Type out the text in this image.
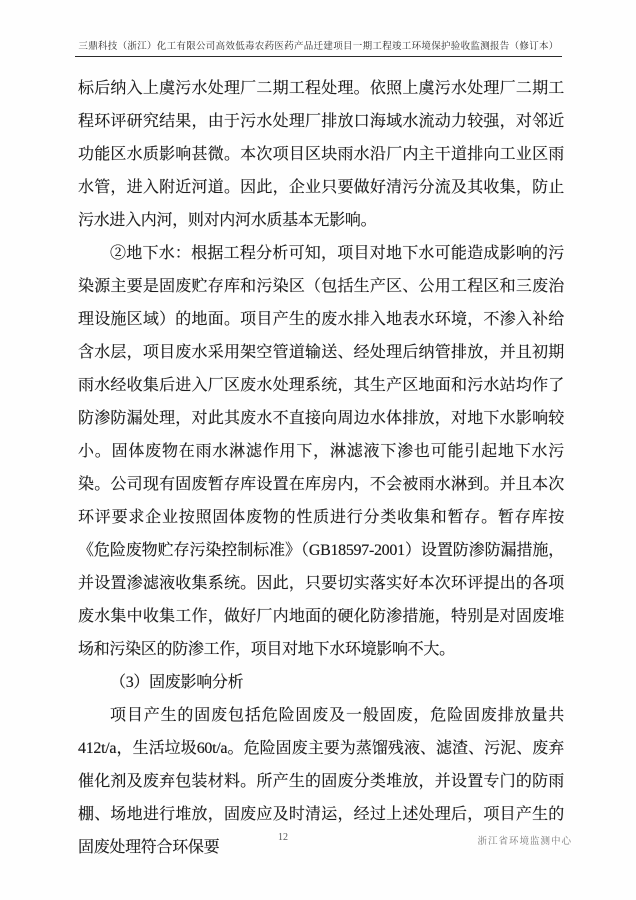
三鼎科技（浙江）化工有限公司高效低毒农药医药产品迁建项目一期工程竣工环境保护验收监测报告（修订本）

标后纳入上虞污水处理厂二期工程处理。依照上虞污水处理厂二期工程环评研究结果，由于污水处理厂排放口海域水流动力较强，对邻近功能区水质影响甚微。本次项目区块雨水沿厂内主干道排向工业区雨水管，进入附近河道。因此，企业只要做好清污分流及其收集，防止污水进入内河，则对内河水质基本无影响。

②地下水：根据工程分析可知，项目对地下水可能造成影响的污染源主要是固废贮存库和污染区（包括生产区、公用工程区和三废治理设施区域）的地面。项目产生的废水排入地表水环境，不渗入补给含水层，项目废水采用架空管道输送、经处理后纳管排放，并且初期雨水经收集后进入厂区废水处理系统，其生产区地面和污水站均作了防渗防漏处理，对此其废水不直接向周边水体排放，对地下水影响较小。固体废物在雨水淋滤作用下，淋滤液下渗也可能引起地下水污染。公司现有固废暂存库设置在库房内，不会被雨水淋到。并且本次环评要求企业按照固体废物的性质进行分类收集和暂存。暂存库按《危险废物贮存污染控制标准》（GB18597-2001）设置防渗防漏措施，并设置渗滤液收集系统。因此，只要切实落实好本次环评提出的各项废水集中收集工作，做好厂内地面的硬化防渗措施，特别是对固废堆场和污染区的防渗工作，项目对地下水环境影响不大。

（3）固废影响分析

项目产生的固废包括危险固废及一般固废，危险固废排放量共412t/a，生活垃圾60t/a。危险固废主要为蒸馏残液、滤渣、污泥、废弃催化剂及废弃包装材料。所产生的固废分类堆放，并设置专门的防雨棚、场地进行堆放，固废应及时清运，经过上述处理后，项目产生的固废处理符合环保要

12	浙江省环境监测中心
